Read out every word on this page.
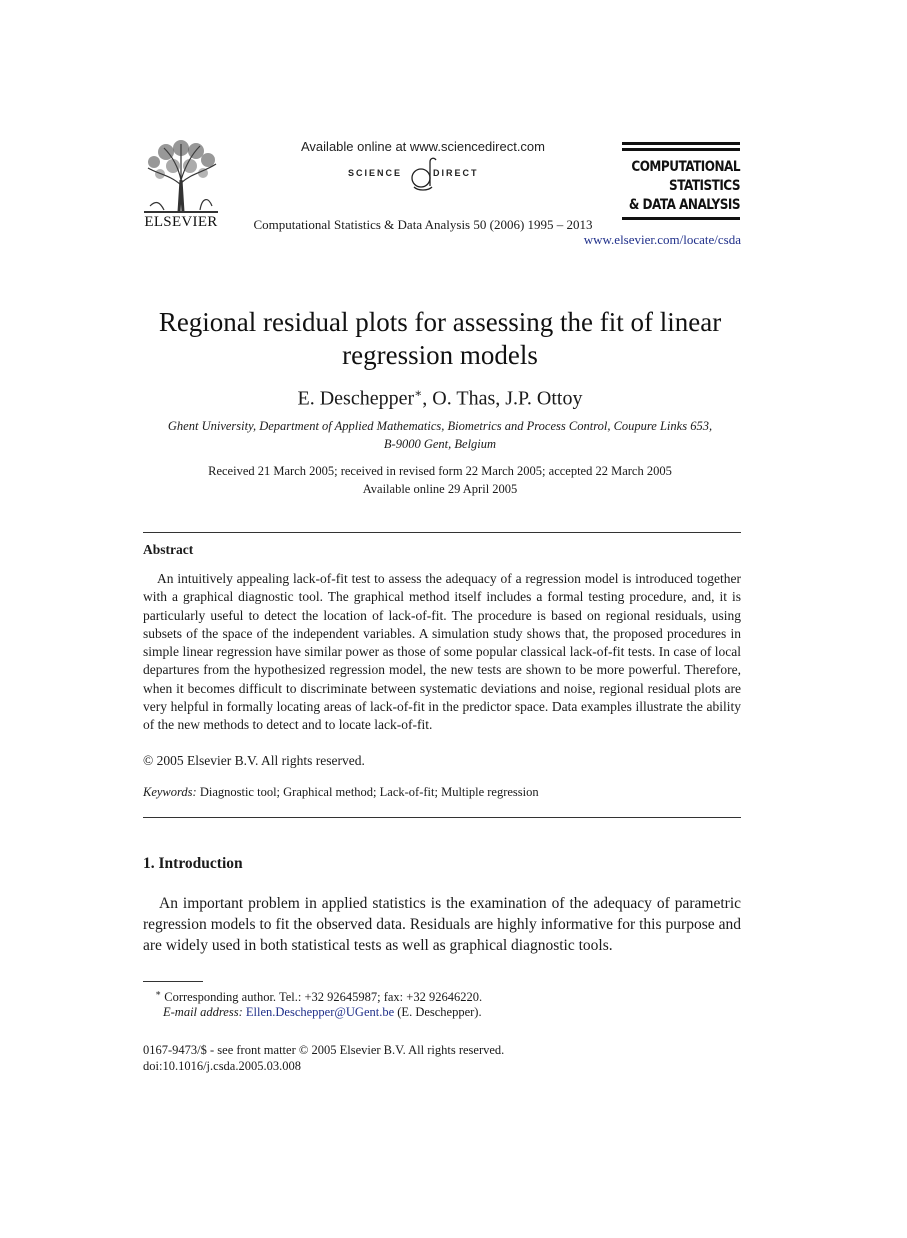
ELSEVIER
Available online at www.sciencedirect.com
SCIENCE	DIRECT
Computational Statistics & Data Analysis 50 (2006) 1995 – 2013
COMPUTATIONAL
STATISTICS
& DATA ANALYSIS
www.elsevier.com/locate/csda
Regional residual plots for assessing the fit of linear
regression models
E. Deschepper∗, O. Thas, J.P. Ottoy
Ghent University, Department of Applied Mathematics, Biometrics and Process Control, Coupure Links 653,
B-9000 Gent, Belgium
Received 21 March 2005; received in revised form 22 March 2005; accepted 22 March 2005
Available online 29 April 2005
Abstract
An intuitively appealing lack-of-fit test to assess the adequacy of a regression model is introduced together with a graphical diagnostic tool. The graphical method itself includes a formal testing procedure, and, it is particularly useful to detect the location of lack-of-fit. The procedure is based on regional residuals, using subsets of the space of the independent variables. A simulation study shows that, the proposed procedures in simple linear regression have similar power as those of some popular classical lack-of-fit tests. In case of local departures from the hypothesized regression model, the new tests are shown to be more powerful. Therefore, when it becomes difficult to discriminate between systematic deviations and noise, regional residual plots are very helpful in formally locating areas of lack-of-fit in the predictor space. Data examples illustrate the ability of the new methods to detect and to locate lack-of-fit.
© 2005 Elsevier B.V. All rights reserved.
Keywords: Diagnostic tool; Graphical method; Lack-of-fit; Multiple regression
1. Introduction
An important problem in applied statistics is the examination of the adequacy of parametric regression models to fit the observed data. Residuals are highly informative for this purpose and are widely used in both statistical tests as well as graphical diagnostic tools.
∗ Corresponding author. Tel.: +32 92645987; fax: +32 92646220.
E-mail address: Ellen.Deschepper@UGent.be (E. Deschepper).
0167-9473/$ - see front matter © 2005 Elsevier B.V. All rights reserved.
doi:10.1016/j.csda.2005.03.008
